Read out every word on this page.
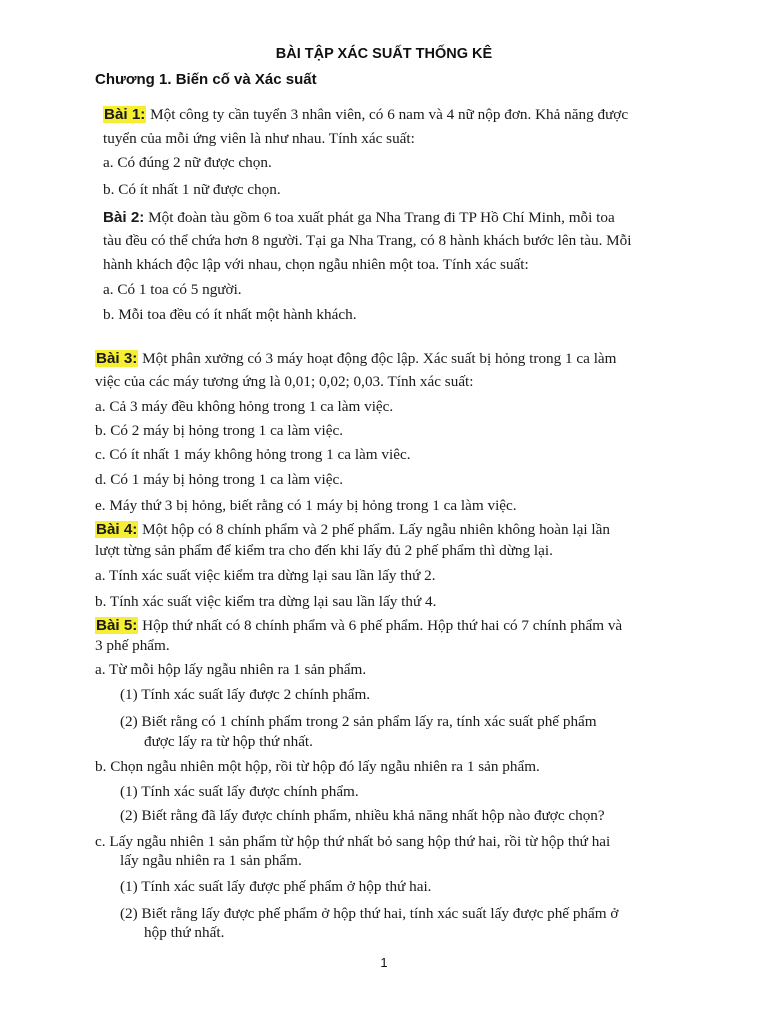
BÀI TẬP XÁC SUẤT THỐNG KÊ
Chương 1. Biến cố và Xác suất
Bài 1: Một công ty cần tuyển 3 nhân viên, có 6 nam và 4 nữ nộp đơn. Khả năng được
tuyển của mỗi ứng viên là như nhau. Tính xác suất:
a. Có đúng 2 nữ được chọn.
b. Có ít nhất 1 nữ được chọn.
Bài 2: Một đoàn tàu gồm 6 toa xuất phát ga Nha Trang đi TP Hồ Chí Minh, mỗi toa
tàu đều có thể chứa hơn 8 người. Tại ga Nha Trang, có 8 hành khách bước lên tàu. Mỗi
hành khách độc lập với nhau, chọn ngẫu nhiên một toa. Tính xác suất:
a. Có 1 toa có 5 người.
b. Mỗi toa đều có ít nhất một hành khách.
Bài 3: Một phân xưởng có 3 máy hoạt động độc lập. Xác suất bị hỏng trong 1 ca làm
việc của các máy tương ứng là 0,01; 0,02; 0,03. Tính xác suất:
a. Cả 3 máy đều không hỏng trong 1 ca làm việc.
b. Có 2 máy bị hỏng trong 1 ca làm việc.
c. Có ít nhất 1 máy không hỏng trong 1 ca làm viêc.
d. Có 1 máy bị hỏng trong 1 ca làm việc.
e. Máy thứ 3 bị hỏng, biết rằng có 1 máy bị hỏng trong 1 ca làm việc.
Bài 4: Một hộp có 8 chính phẩm và 2 phế phẩm. Lấy ngẫu nhiên không hoàn lại lần
lượt từng sản phẩm để kiểm tra cho đến khi lấy đủ 2 phế phẩm thì dừng lại.
a. Tính xác suất việc kiểm tra dừng lại sau lần lấy thứ 2.
b. Tính xác suất việc kiểm tra dừng lại sau lần lấy thứ 4.
Bài 5: Hộp thứ nhất có 8 chính phẩm và 6 phế phẩm. Hộp thứ hai có 7 chính phẩm và
3 phế phẩm.
a. Từ mỗi hộp lấy ngẫu nhiên ra 1 sản phẩm.
(1) Tính xác suất lấy được 2 chính phẩm.
(2) Biết rằng có 1 chính phẩm trong 2 sản phẩm lấy ra, tính xác suất phế phẩm
được lấy ra từ hộp thứ nhất.
b. Chọn ngẫu nhiên một hộp, rồi từ hộp đó lấy ngẫu nhiên ra 1 sản phẩm.
(1) Tính xác suất lấy được chính phẩm.
(2) Biết rằng đã lấy được chính phẩm, nhiều khả năng nhất hộp nào được chọn?
c. Lấy ngẫu nhiên 1 sản phẩm từ hộp thứ nhất bỏ sang hộp thứ hai, rồi từ hộp thứ hai
lấy ngẫu nhiên ra 1 sản phẩm.
(1) Tính xác suất lấy được phế phẩm ở hộp thứ hai.
(2) Biết rằng lấy được phế phẩm ở hộp thứ hai, tính xác suất lấy được phế phẩm ở
hộp thứ nhất.
1
